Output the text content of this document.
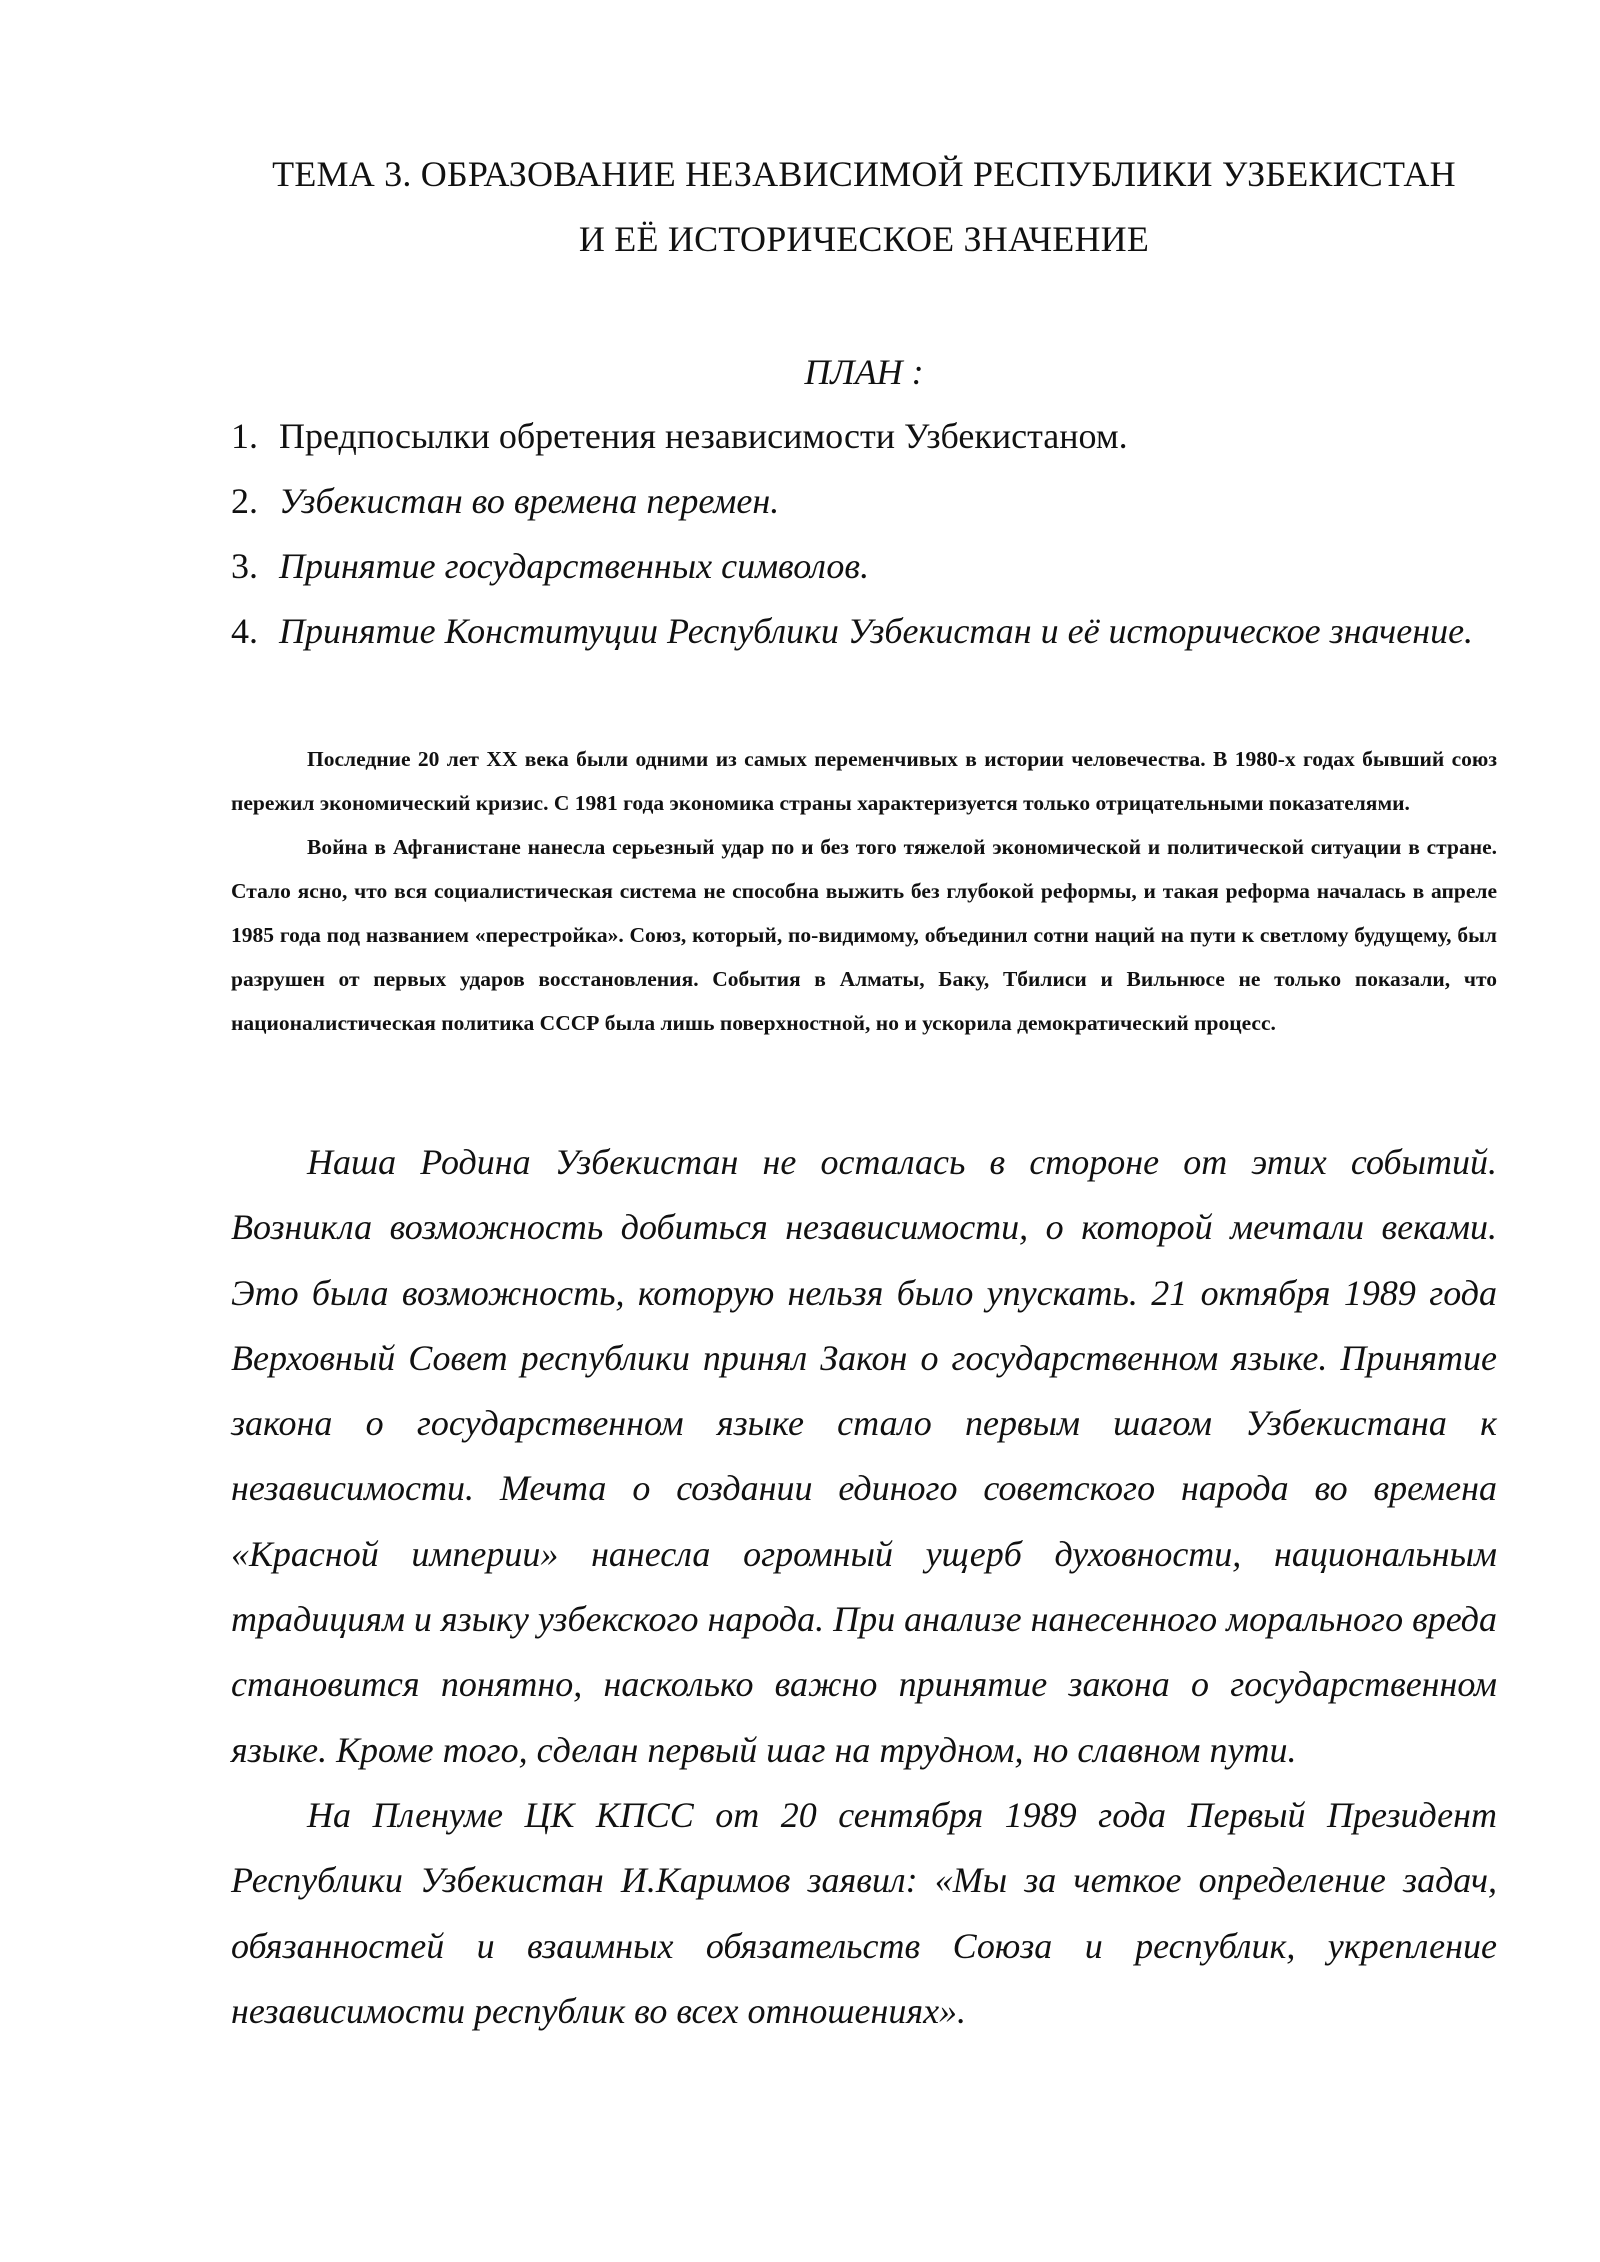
ТЕМА 3. ОБРАЗОВАНИЕ НЕЗАВИСИМОЙ РЕСПУБЛИКИ УЗБЕКИСТАН
И ЕЁ ИСТОРИЧЕСКОЕ ЗНАЧЕНИЕ
ПЛАН :
1. Предпосылки обретения независимости Узбекистаном.
2. Узбекистан во времена перемен.
3. Принятие государственных символов.
4. Принятие Конституции Республики Узбекистан и её историческое значение.

Последние 20 лет XX века были одними из самых переменчивых в истории человечества. В 1980-х годах бывший союз пережил экономический кризис. С 1981 года экономика страны характеризуется только отрицательными показателями.

Война в Афганистане нанесла серьезный удар по и без того тяжелой экономической и политической ситуации в стране. Стало ясно, что вся социалистическая система не способна выжить без глубокой реформы, и такая реформа началась в апреле 1985 года под названием «перестройка». Союз, который, по-видимому, объединил сотни наций на пути к светлому будущему, был разрушен от первых ударов восстановления. События в Алматы, Баку, Тбилиси и Вильнюсе не только показали, что националистическая политика СССР была лишь поверхностной, но и ускорила демократический процесс.

Наша Родина Узбекистан не осталась в стороне от этих событий. Возникла возможность добиться независимости, о которой мечтали веками. Это была возможность, которую нельзя было упускать. 21 октября 1989 года Верховный Совет республики принял Закон о государственном языке. Принятие закона о государственном языке стало первым шагом Узбекистана к независимости. Мечта о создании единого советского народа во времена «Красной империи» нанесла огромный ущерб духовности, национальным традициям и языку узбекского народа. При анализе нанесенного морального вреда становится понятно, насколько важно принятие закона о государственном языке. Кроме того, сделан первый шаг на трудном, но славном пути.

На Пленуме ЦК КПСС от 20 сентября 1989 года Первый Президент Республики Узбекистан И.Каримов заявил: «Мы за четкое определение задач, обязанностей и взаимных обязательств Союза и республик, укрепление независимости республик во всех отношениях».
